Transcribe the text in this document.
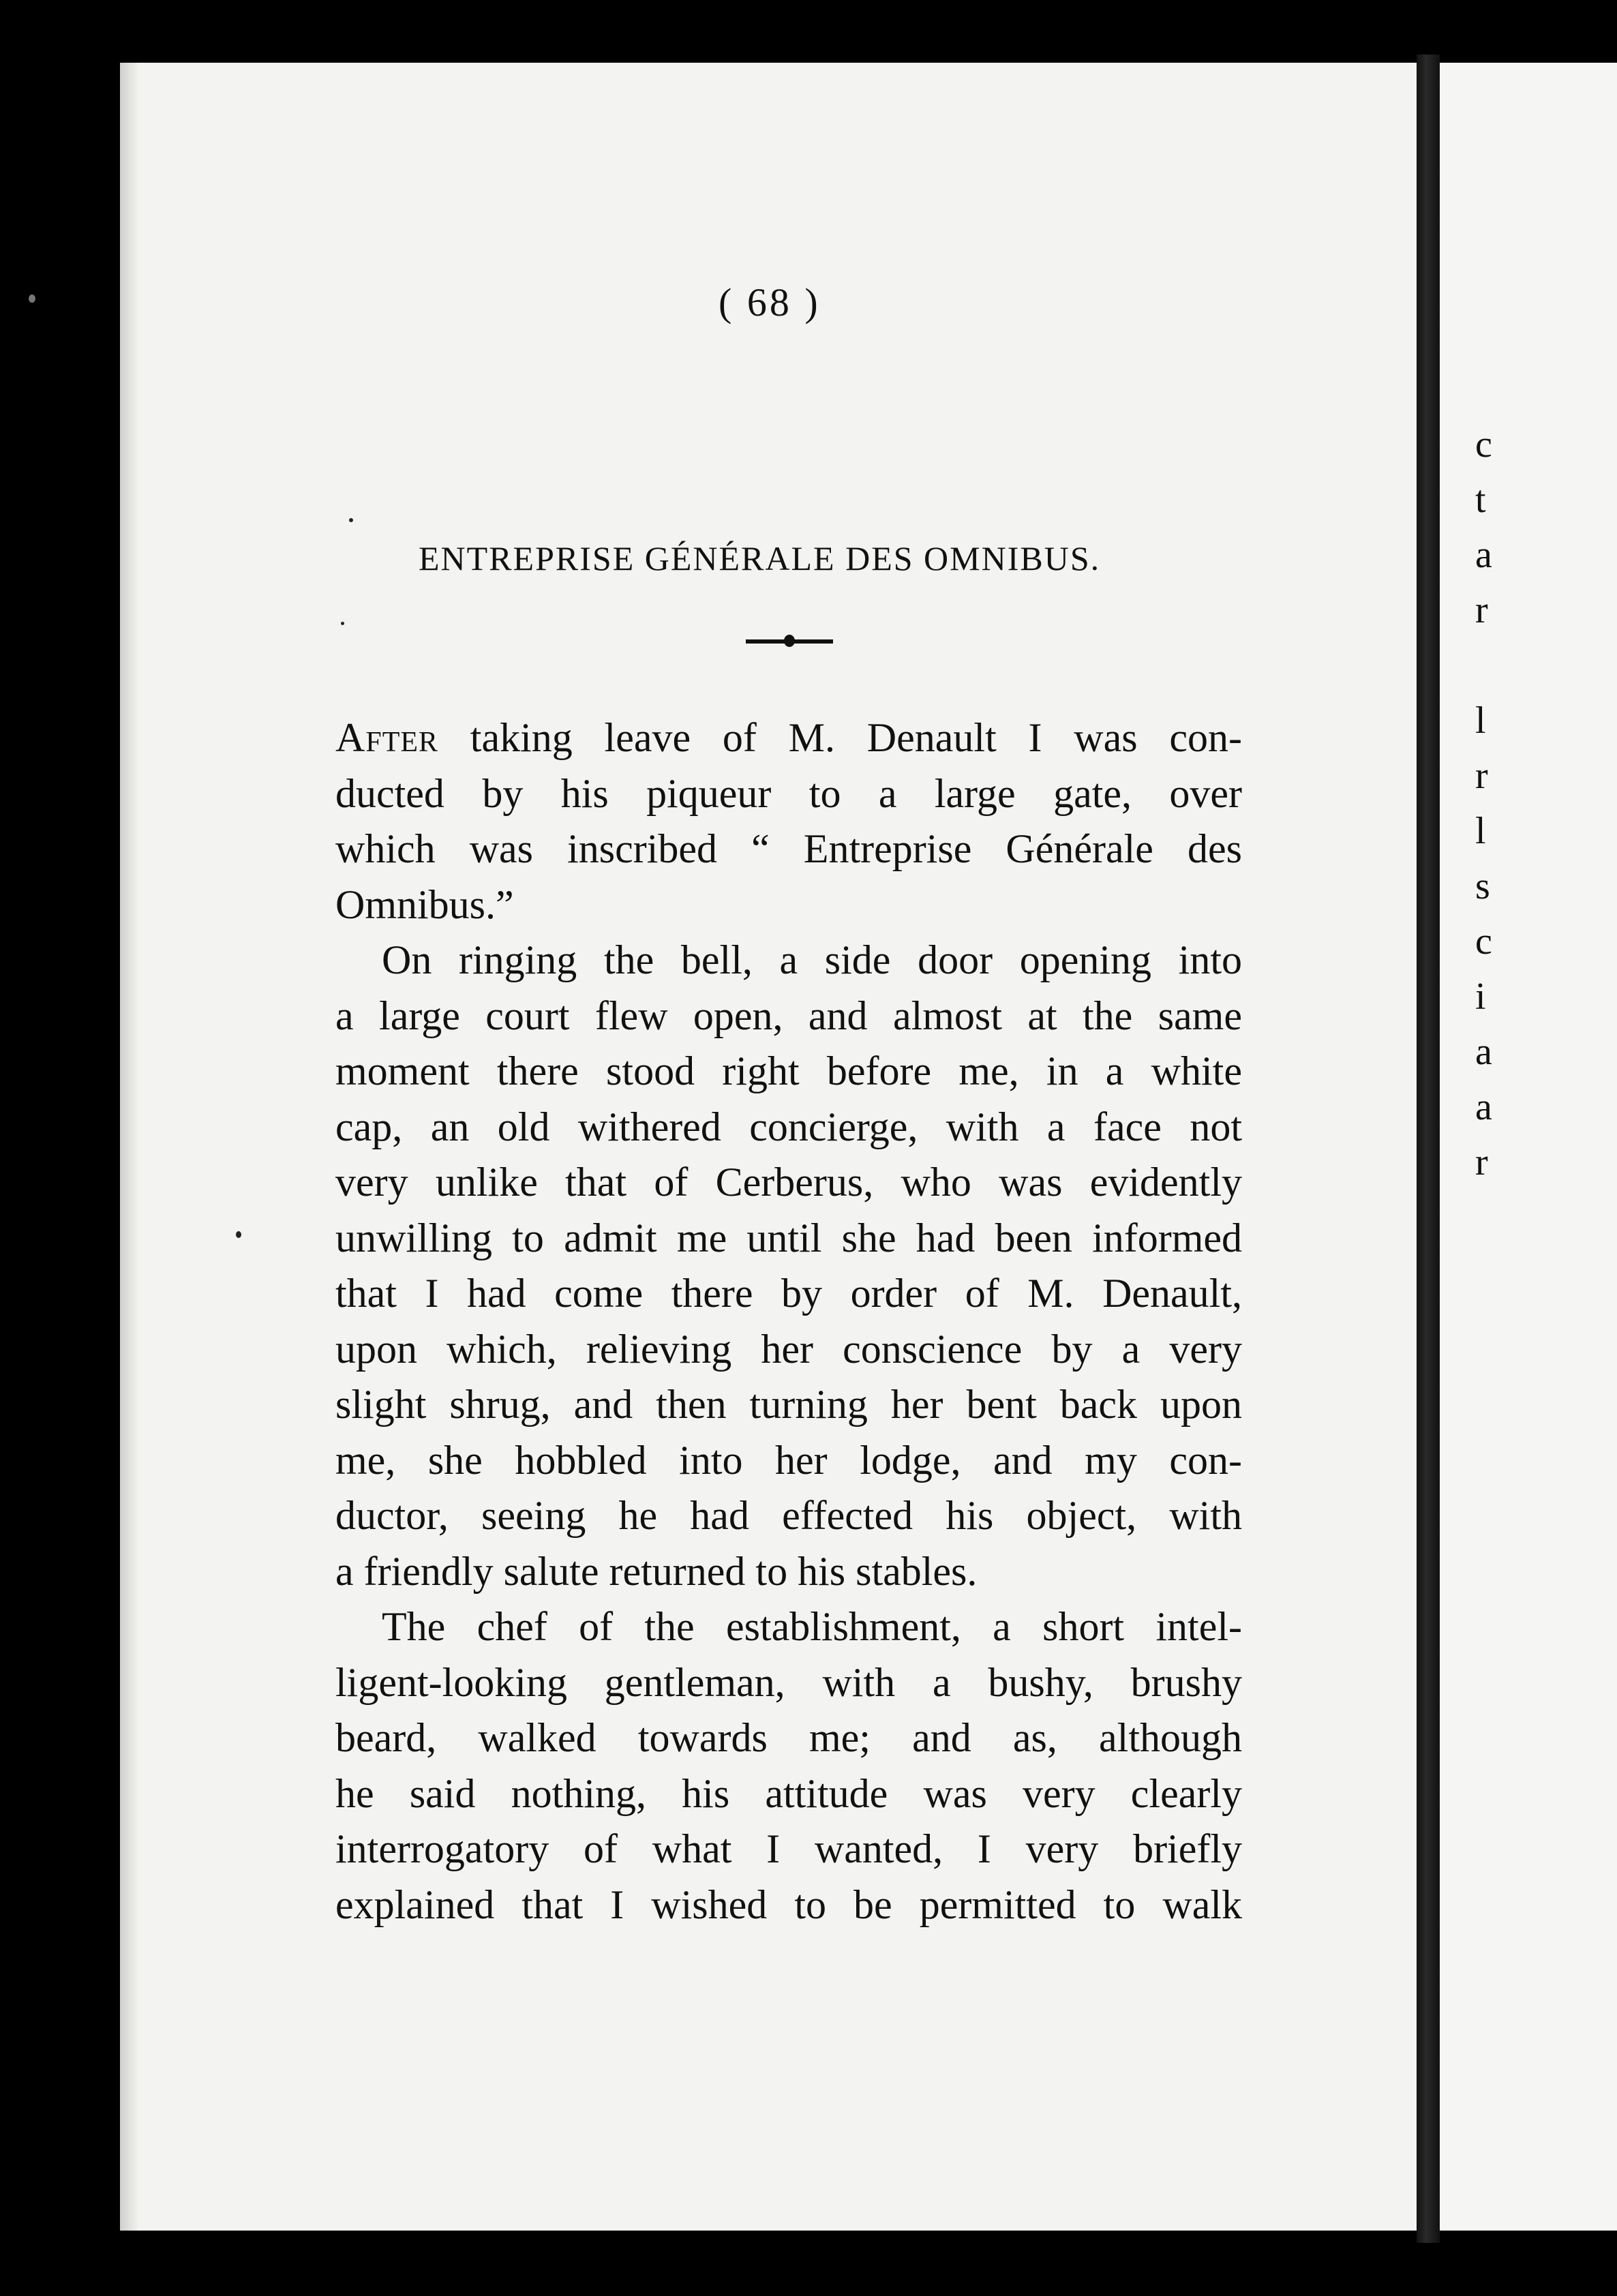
c
t
a
r
l
r
l
s
c
i
a
a
r
( 68 )
ENTREPRISE GÉNÉRALE DES OMNIBUS.
After taking leave of M. Denault I was con-
ducted by his piqueur to a large gate, over
which was inscribed “ Entreprise Générale des
Omnibus.”
On ringing the bell, a side door opening into
a large court flew open, and almost at the same
moment there stood right before me, in a white
cap, an old withered concierge, with a face not
very unlike that of Cerberus, who was evidently
unwilling to admit me until she had been informed
that I had come there by order of M. Denault,
upon which, relieving her conscience by a very
slight shrug, and then turning her bent back upon
me, she hobbled into her lodge, and my con-
ductor, seeing he had effected his object, with
a friendly salute returned to his stables.
The chef of the establishment, a short intel-
ligent-looking gentleman, with a bushy, brushy
beard, walked towards me; and as, although
he said nothing, his attitude was very clearly
interrogatory of what I wanted, I very briefly
explained that I wished to be permitted to walk
